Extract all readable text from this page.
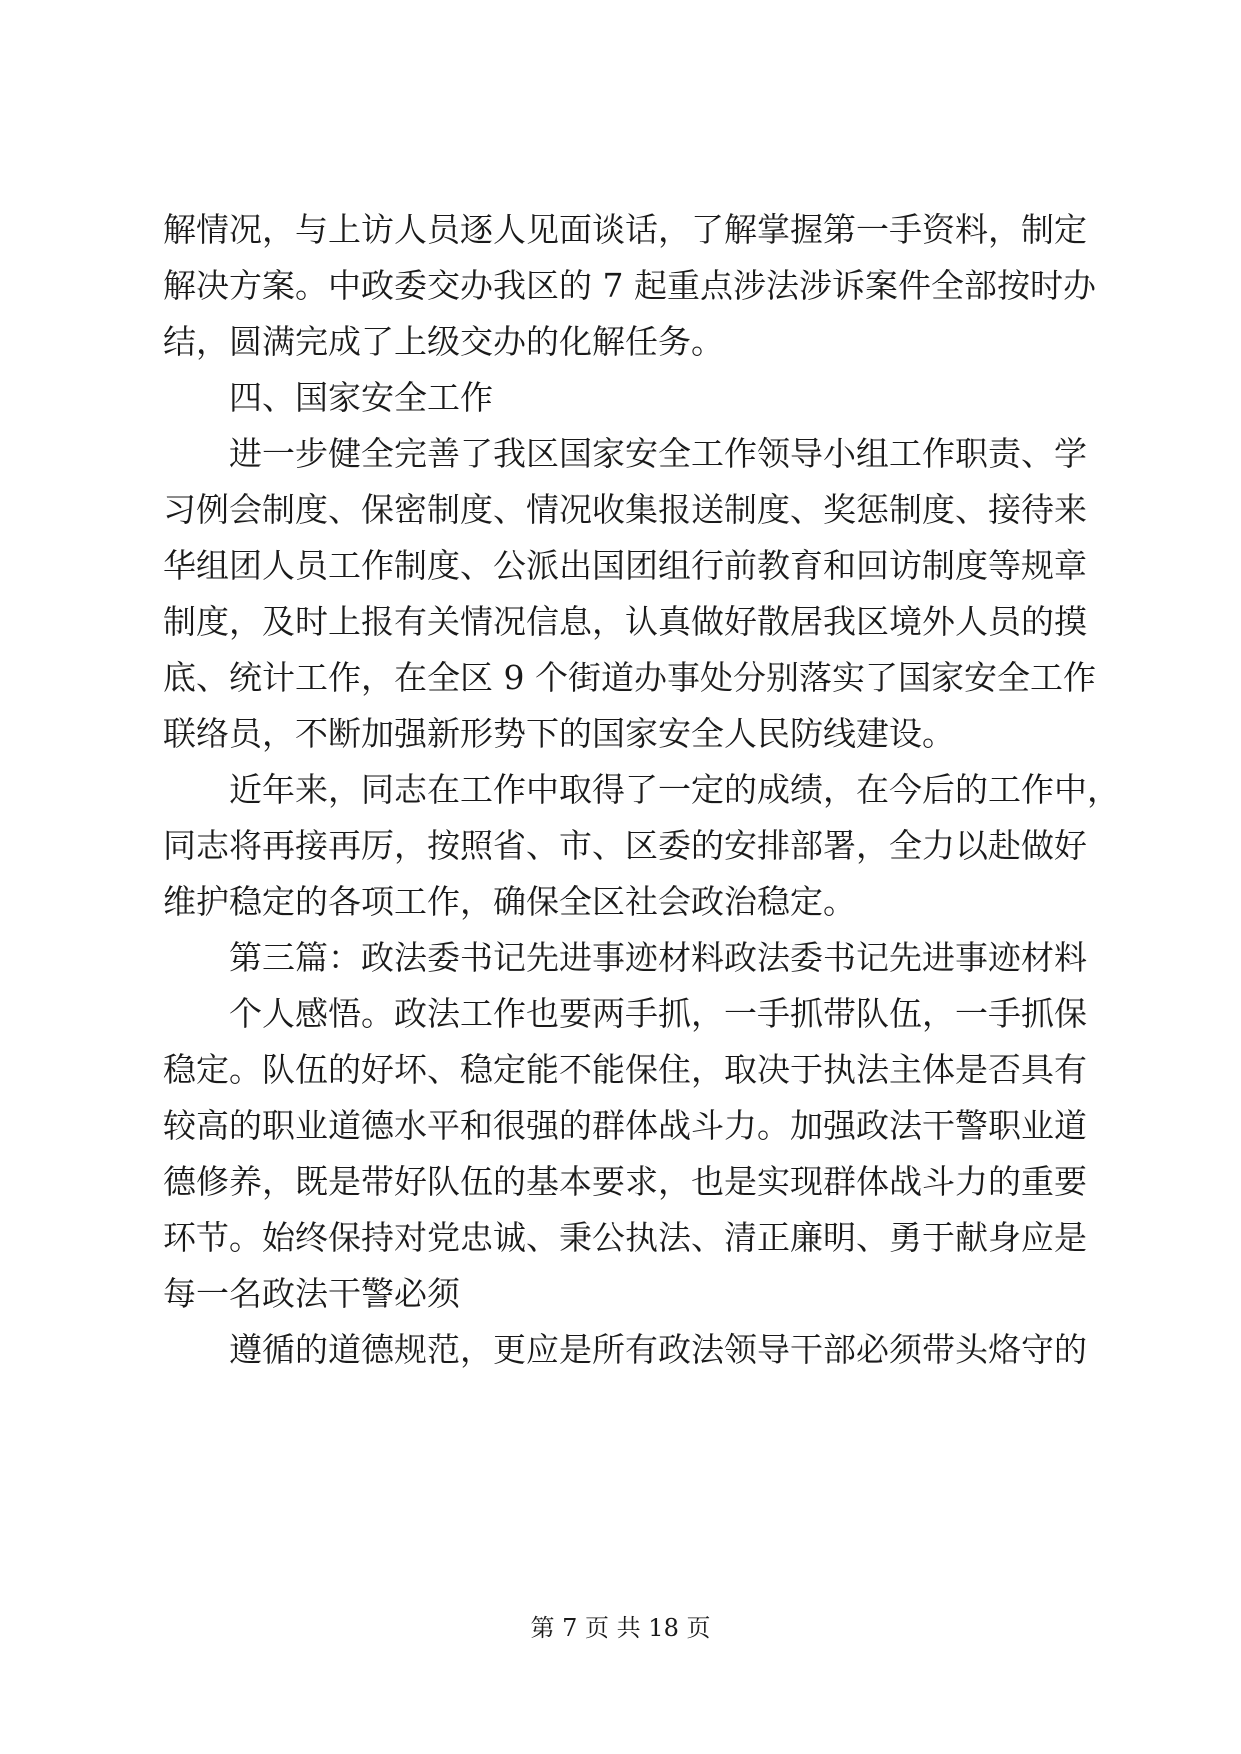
解情况，与上访人员逐人见面谈话，了解掌握第一手资料，制定
解决方案。中政委交办我区的 7 起重点涉法涉诉案件全部按时办
结，圆满完成了上级交办的化解任务。
四、国家安全工作
进一步健全完善了我区国家安全工作领导小组工作职责、学
习例会制度、保密制度、情况收集报送制度、奖惩制度、接待来
华组团人员工作制度、公派出国团组行前教育和回访制度等规章
制度，及时上报有关情况信息，认真做好散居我区境外人员的摸
底、统计工作，在全区 9 个街道办事处分别落实了国家安全工作
联络员，不断加强新形势下的国家安全人民防线建设。
近年来，同志在工作中取得了一定的成绩，在今后的工作中，
同志将再接再厉，按照省、市、区委的安排部署，全力以赴做好
维护稳定的各项工作，确保全区社会政治稳定。
第三篇：政法委书记先进事迹材料政法委书记先进事迹材料
个人感悟。政法工作也要两手抓，一手抓带队伍，一手抓保
稳定。队伍的好坏、稳定能不能保住，取决于执法主体是否具有
较高的职业道德水平和很强的群体战斗力。加强政法干警职业道
德修养，既是带好队伍的基本要求，也是实现群体战斗力的重要
环节。始终保持对党忠诚、秉公执法、清正廉明、勇于献身应是
每一名政法干警必须
遵循的道德规范，更应是所有政法领导干部必须带头烙守的
第 7 页 共 18 页
